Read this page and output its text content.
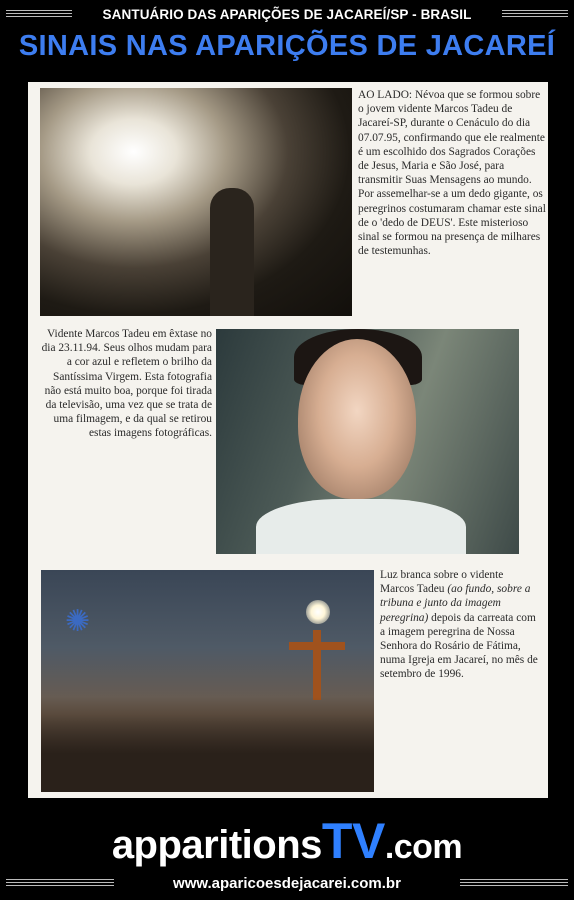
SANTUÁRIO DAS APARIÇÕES DE JACAREÍ/SP - BRASIL
SINAIS NAS APARIÇÕES DE JACAREÍ

AO LADO: Névoa que se formou sobre o jovem vidente Marcos Tadeu de Jacareí-SP, durante o Cenáculo do dia 07.07.95, confirmando que ele realmente é um escolhido dos Sagrados Corações de Jesus, Maria e São José, para transmitir Suas Mensagens ao mundo. Por assemelhar-se a um dedo gigante, os peregrinos costumaram chamar este sinal de o 'dedo de DEUS'. Este misterioso sinal se formou na presença de milhares de testemunhas.

Vidente Marcos Tadeu em êxtase no dia 23.11.94. Seus olhos mudam para a cor azul e refletem o brilho da Santíssima Virgem. Esta fotografia não está muito boa, porque foi tirada da televisão, uma vez que se trata de uma filmagem, e da qual se retirou estas imagens fotográficas.

✺

Luz branca sobre o vidente Marcos Tadeu (ao fundo, sobre a tribuna e junto da imagem peregrina) depois da carreata com a imagem peregrina de Nossa Senhora do Rosário de Fátima, numa Igreja em Jacareí, no mês de setembro de 1996.

apparitionsTV.com
www.aparicoesdejacarei.com.br
